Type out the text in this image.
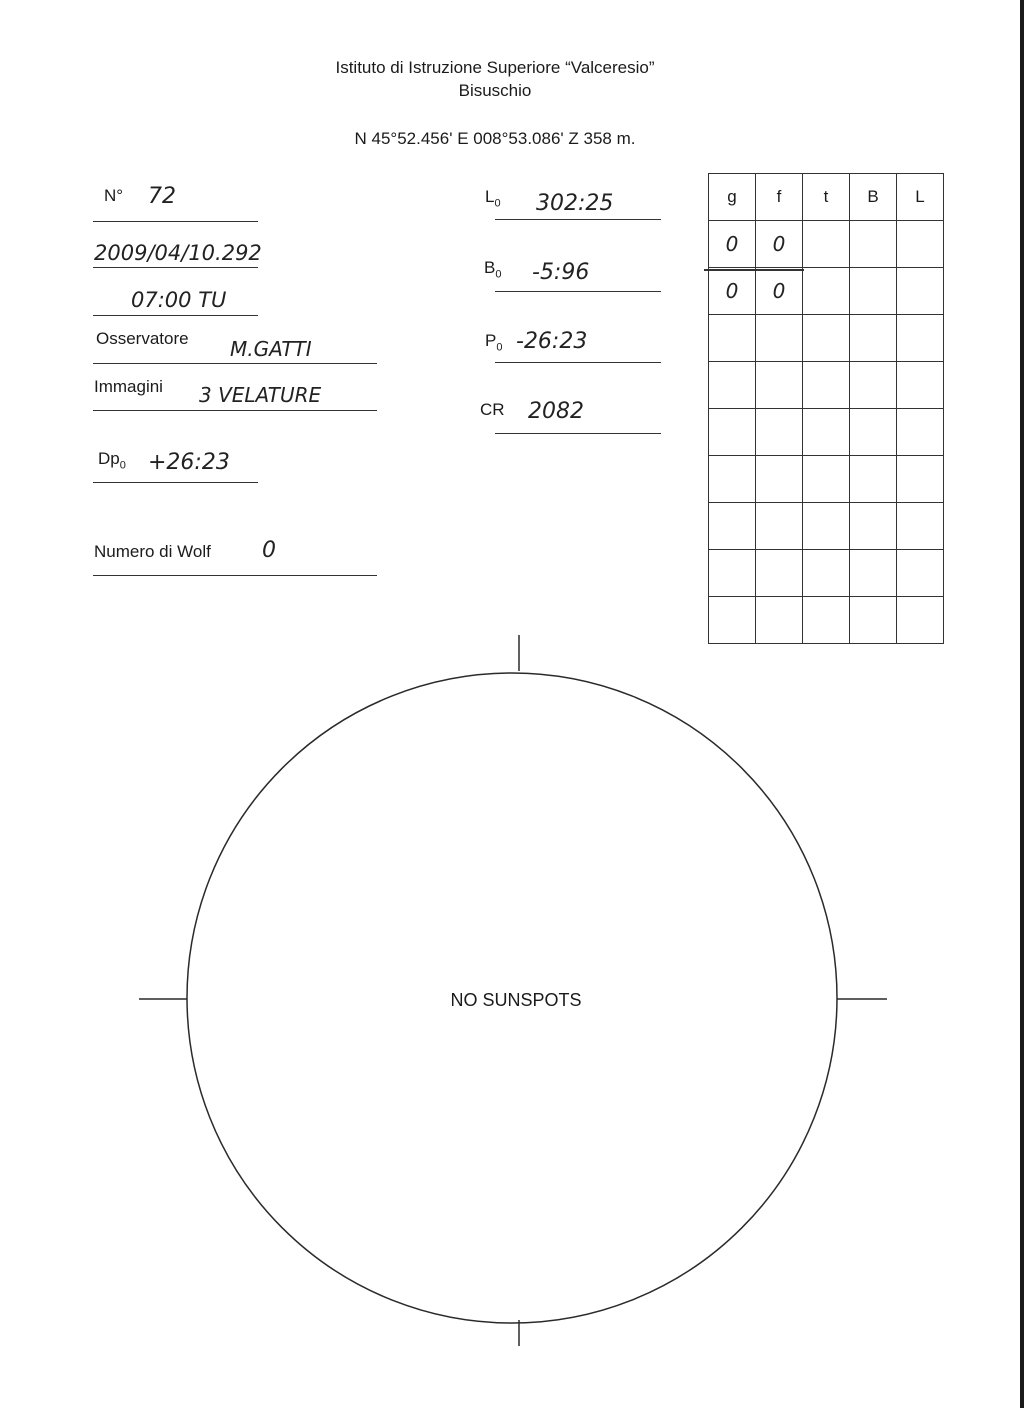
Istituto di Istruzione Superiore “Valceresio”
Bisuschio
N 45°52.456' E 008°53.086' Z 358 m.
N° 72
2009/04/10.292
07:00 TU
Osservatore M.GATTI
Immagini 3 VELATURE
$Dp_0$ +26:23
Numero di Wolf 0
$L_0$ 302:25
$B_0$ -5:96
$P_0$ -26:23
CR 2082
g	f	t	B	L
0	0			
0	0			

NO SUNSPOTS
